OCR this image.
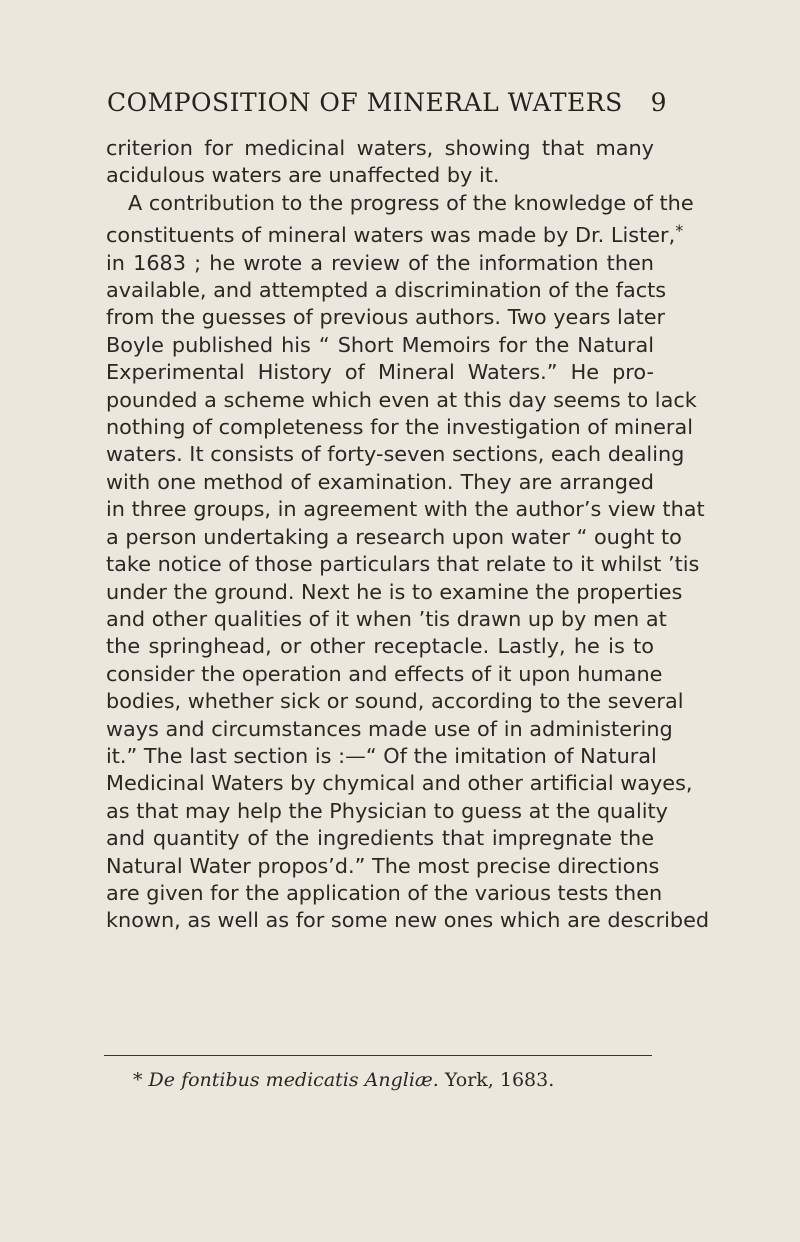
COMPOSITION OF MINERAL WATERS 9
criterion for medicinal waters, showing that many
acidulous waters are unaffected by it.
A contribution to the progress of the knowledge of the
constituents of mineral waters was made by Dr. Lister,*
in 1683 ; he wrote a review of the information then
available, and attempted a discrimination of the facts
from the guesses of previous authors. Two years later
Boyle published his “ Short Memoirs for the Natural
Experimental History of Mineral Waters.” He pro-
pounded a scheme which even at this day seems to lack
nothing of completeness for the investigation of mineral
waters. It consists of forty-seven sections, each dealing
with one method of examination. They are arranged
in three groups, in agreement with the author’s view that
a person undertaking a research upon water “ ought to
take notice of those particulars that relate to it whilst ’tis
under the ground. Next he is to examine the properties
and other qualities of it when ’tis drawn up by men at
the springhead, or other receptacle. Lastly, he is to
consider the operation and effects of it upon humane
bodies, whether sick or sound, according to the several
ways and circumstances made use of in administering
it.” The last section is :—“ Of the imitation of Natural
Medicinal Waters by chymical and other artificial wayes,
as that may help the Physician to guess at the quality
and quantity of the ingredients that impregnate the
Natural Water propos’d.” The most precise directions
are given for the application of the various tests then
known, as well as for some new ones which are described
* De fontibus medicatis Angliæ. York, 1683.
